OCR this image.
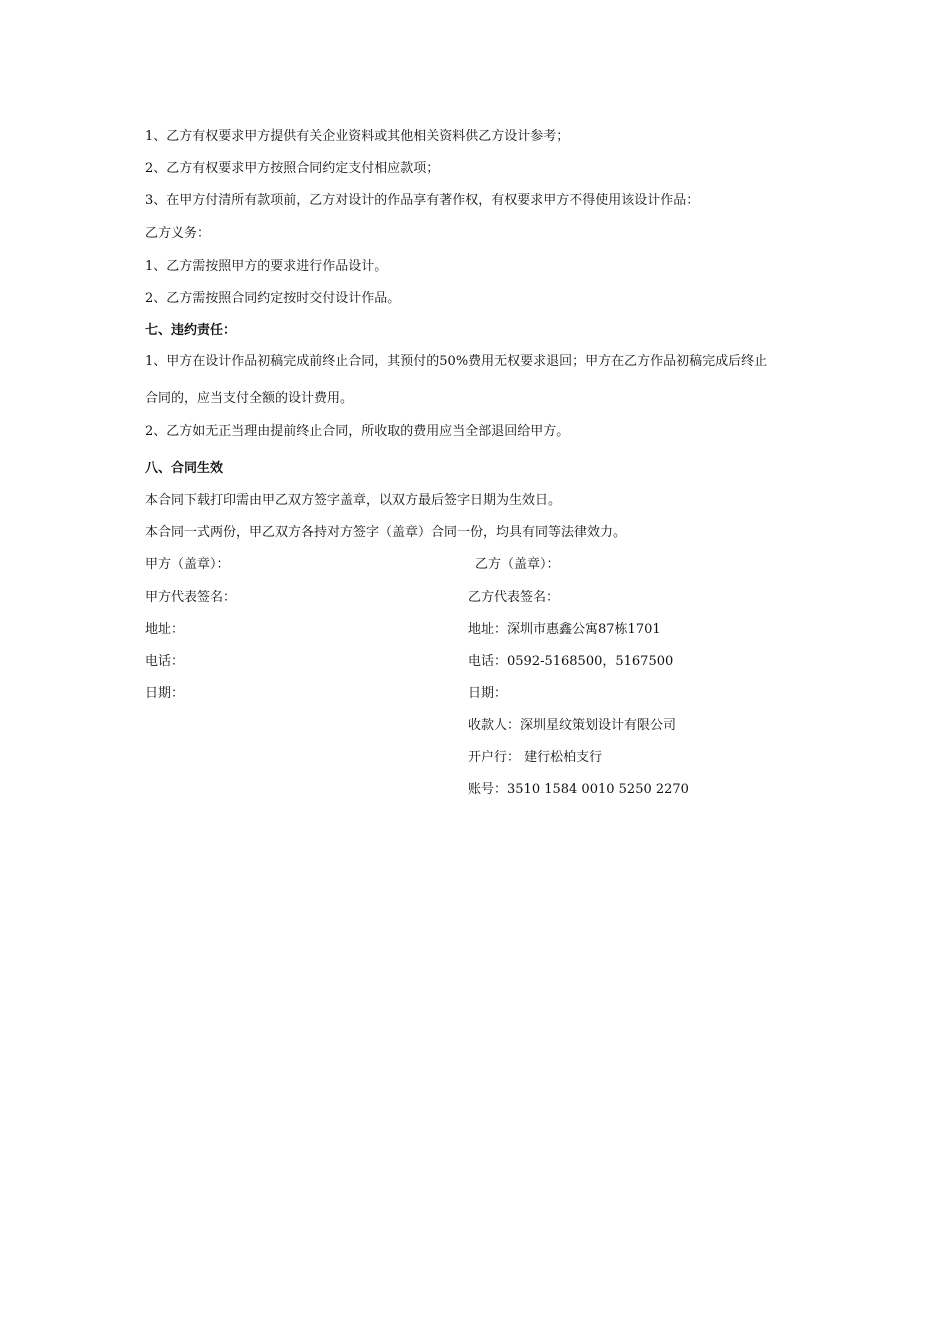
1、乙方有权要求甲方提供有关企业资料或其他相关资料供乙方设计参考；
2、乙方有权要求甲方按照合同约定支付相应款项；
3、在甲方付清所有款项前，乙方对设计的作品享有著作权，有权要求甲方不得使用该设计作品：
乙方义务：
1、乙方需按照甲方的要求进行作品设计。
2、乙方需按照合同约定按时交付设计作品。
七、违约责任：
1、甲方在设计作品初稿完成前终止合同，其预付的50%费用无权要求退回；甲方在乙方作品初稿完成后终止
合同的，应当支付全额的设计费用。
2、乙方如无正当理由提前终止合同，所收取的费用应当全部退回给甲方。
八、合同生效
本合同下载打印需由甲乙双方签字盖章，以双方最后签字日期为生效日。
本合同一式两份，甲乙双方各持对方签字（盖章）合同一份，均具有同等法律效力。
甲方（盖章）：	乙方（盖章）：
甲方代表签名：	乙方代表签名：
地址：	地址：深圳市惠鑫公寓87栋1701
电话：	电话：0592-5168500，5167500
日期：	日期：
收款人：深圳星纹策划设计有限公司
开户行： 建行松柏支行
账号：3510 1584 0010 5250 2270
